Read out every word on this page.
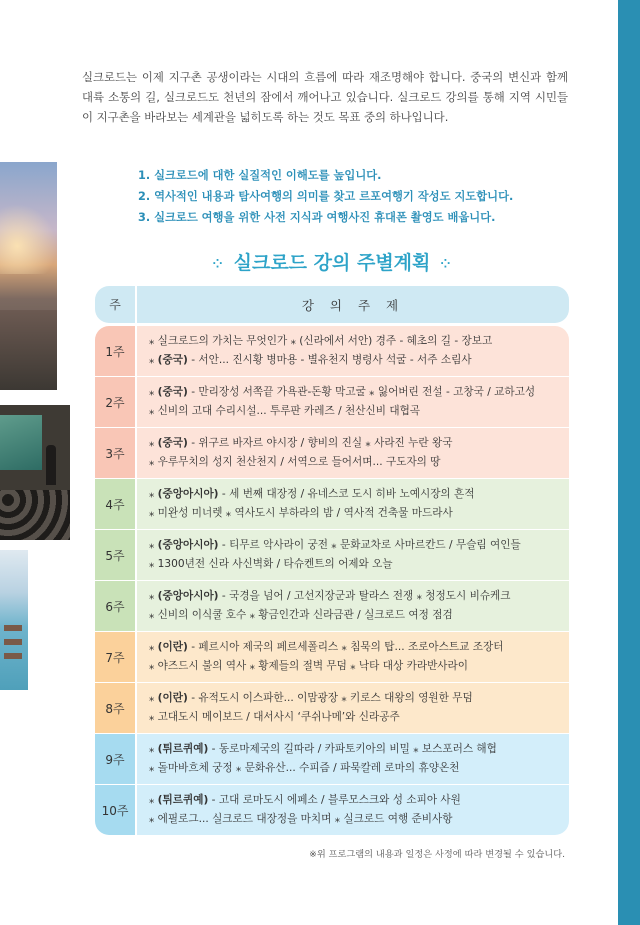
실크로드는 이제 지구촌 공생이라는 시대의 흐름에 따라 재조명해야 합니다. 중국의 변신과 함께 대륙 소통의 길, 실크로드도 천년의 잠에서 깨어나고 있습니다. 실크로드 강의를 통해 지역 시민들이 지구촌을 바라보는 세계관을 넓히도록 하는 것도 목표 중의 하나입니다.

1. 실크로드에 대한 실질적인 이해도를 높입니다.
2. 역사적인 내용과 탐사여행의 의미를 찾고 르포여행기 작성도 지도합니다.
3. 실크로드 여행을 위한 사전 지식과 여행사진 휴대폰 촬영도 배웁니다.
⁘ 실크로드 강의 주별계획 ⁘
주	강 의 주 제
1주
⁎ 실크로드의 가치는 무엇인가 ⁎ (신라에서 서안) 경주 - 혜초의 길 - 장보고
⁎ (중국) - 서안... 진시황 병마용 - 별유천지 병령사 석굴 - 서주 소림사
2주
⁎ (중국) - 만리장성 서쪽끝 가욕관-돈황 막고굴 ⁎ 잃어버린 전설 - 고창국 / 교하고성
⁎ 신비의 고대 수리시설... 투루판 카레즈 / 천산신비 대협곡
3주
⁎ (중국) - 위구르 바자르 야시장 / 향비의 진실 ⁎ 사라진 누란 왕국
⁎ 우루무치의 성지 천산천지 / 서역으로 들어서며... 구도자의 땅
4주
⁎ (중앙아시아) - 세 번째 대장정 / 유네스코 도시 히바 노예시장의 흔적
⁎ 미완성 미너렛 ⁎ 역사도시 부하라의 밤 / 역사적 건축물 마드라사
5주
⁎ (중앙아시아) - 티무르 악사라이 궁전 ⁎ 문화교차로 사마르칸드 / 무슬림 여인들
⁎ 1300년전 신라 사신벽화 / 타슈켄트의 어제와 오늘
6주
⁎ (중앙아시아) - 국경을 넘어 / 고선지장군과 탈라스 전쟁 ⁎ 청정도시 비슈케크
⁎ 신비의 이식쿨 호수 ⁎ 황금인간과 신라금관 / 실크로드 여정 점검
7주
⁎ (이란) - 페르시아 제국의 페르세폴리스 ⁎ 침묵의 탑... 조로아스트교 조장터
⁎ 야즈드시 불의 역사 ⁎ 황제들의 절벽 무덤 ⁎ 낙타 대상 카라반사라이
8주
⁎ (이란) - 유적도시 이스파한... 이맘광장 ⁎ 키로스 대왕의 영원한 무덤
⁎ 고대도시 메이보드 / 대서사시 ‘쿠쉬나메’와 신라공주
9주
⁎ (튀르퀴예) - 동로마제국의 길따라 / 카파토키아의 비밀 ⁎ 보스포러스 해협
⁎ 돌마바흐체 궁정 ⁎ 문화유산... 수피즘 / 파묵칼레 로마의 휴양온천
10주
⁎ (튀르퀴예) - 고대 로마도시 에페소 / 블루모스크와 성 소피아 사원
⁎ 에필로그... 실크로드 대장정을 마치며 ⁎ 실크로드 여행 준비사항

※위 프로그램의 내용과 일정은 사정에 따라 변경될 수 있습니다.
